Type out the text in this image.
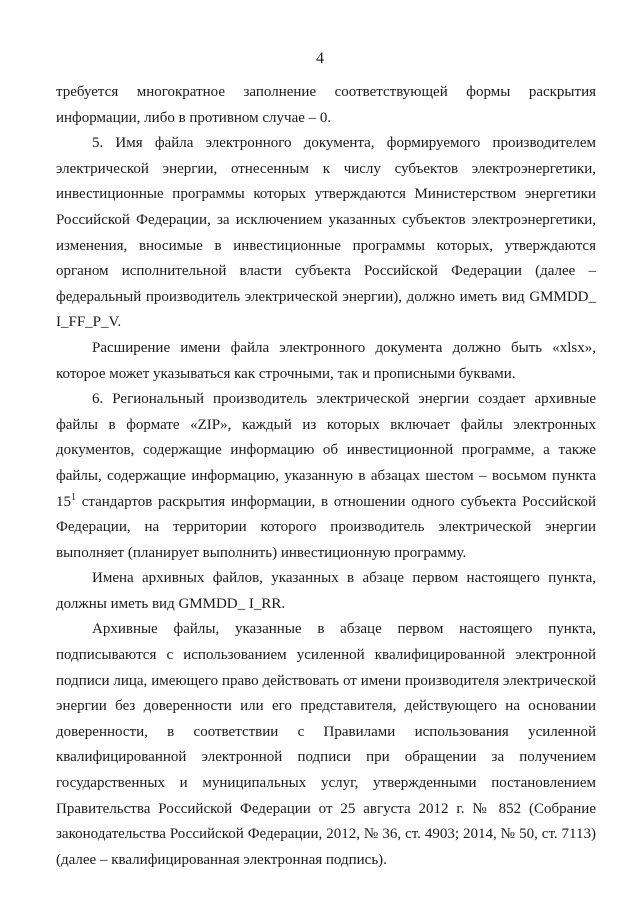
4
требуется многократное заполнение соответствующей формы раскрытия
информации, либо в противном случае – 0.
5. Имя файла электронного документа, формируемого производителем
электрической энергии, отнесенным к числу субъектов электроэнергетики,
инвестиционные программы которых утверждаются Министерством энергетики
Российской Федерации, за исключением указанных субъектов электроэнергетики,
изменения, вносимые в инвестиционные программы которых, утверждаются
органом исполнительной власти субъекта Российской Федерации (далее –
федеральный производитель электрической энергии), должно иметь вид GMMDD_
I_FF_P_V.
Расширение имени файла электронного документа должно быть «xlsx»,
которое может указываться как строчными, так и прописными буквами.
6. Региональный производитель электрической энергии создает архивные
файлы в формате «ZIP», каждый из которых включает файлы электронных
документов, содержащие информацию об инвестиционной программе, а также
файлы, содержащие информацию, указанную в абзацах шестом – восьмом пункта
$15^1$ стандартов раскрытия информации, в отношении одного субъекта Российской
Федерации, на территории которого производитель электрической энергии
выполняет (планирует выполнить) инвестиционную программу.
Имена архивных файлов, указанных в абзаце первом настоящего пункта,
должны иметь вид GMMDD_ I_RR.
Архивные файлы, указанные в абзаце первом настоящего пункта,
подписываются с использованием усиленной квалифицированной электронной
подписи лица, имеющего право действовать от имени производителя электрической
энергии без доверенности или его представителя, действующего на основании
доверенности, в соответствии с Правилами использования усиленной
квалифицированной электронной подписи при обращении за получением
государственных и муниципальных услуг, утвержденными постановлением
Правительства Российской Федерации от 25 августа 2012 г. № 852 (Собрание
законодательства Российской Федерации, 2012, № 36, ст. 4903; 2014, № 50, ст. 7113)
(далее – квалифицированная электронная подпись).
